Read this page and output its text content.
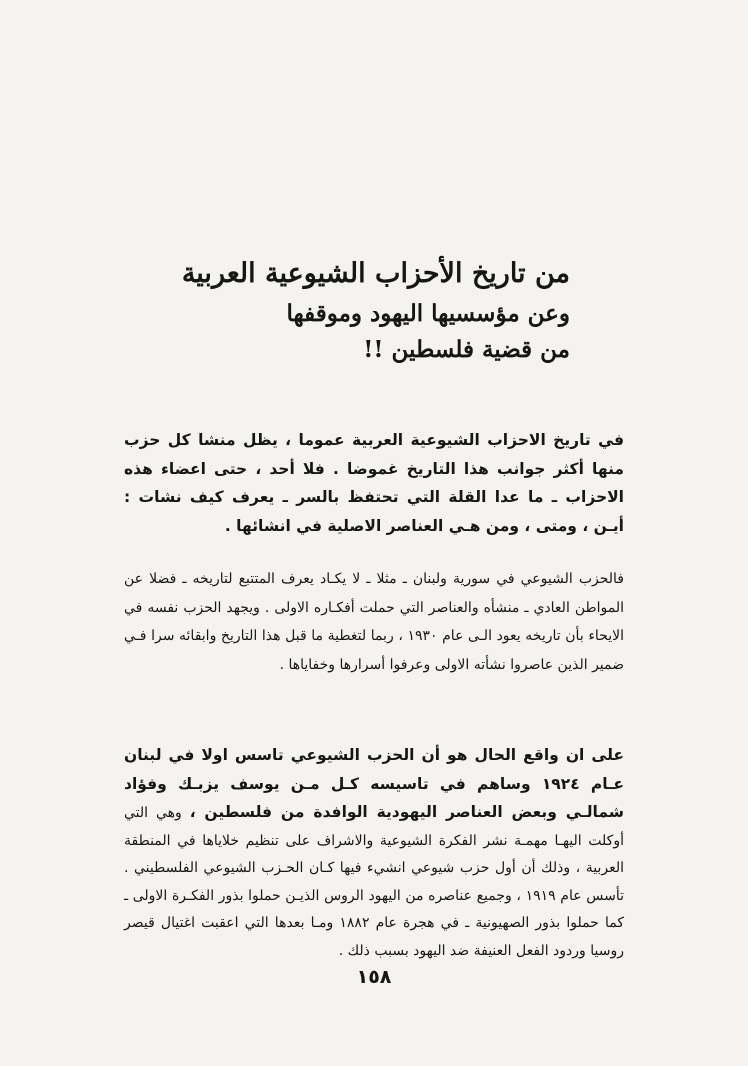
من تاريخ الأحزاب الشيوعية العربية
وعن مؤسسيها اليهود وموقفها
من قضية فلسطين !!
في تاريخ الاحزاب الشيوعية العربية عموما ، يظل منشا كل حزب منها أكثر جوانب هذا التاريخ غموضا . فلا أحد ، حتى اعضاء هذه الاحزاب ـ ما عدا القلة التي تحتفظ بالسر ـ يعرف كيف نشات : أيـن ، ومتى ، ومن هـي العناصر الاصلية في انشائها .
فالحزب الشيوعي في سورية ولبنان ـ مثلا ـ لا يكـاد يعرف المتتبع لتاريخه ـ فضلا عن المواطن العادي ـ منشأه والعناصر التي حملت أفكـاره الاولى . ويجهد الحزب نفسه في الايحاء بأن تاريخه يعود الـى عام ١٩٣٠ ، ربما لتغطية ما قبل هذا التاريخ وابقائه سرا فـي ضمير الذين عاصروا نشأته الاولى وعرفوا أسرارها وخفاياها .
على ان واقع الحال هو أن الحزب الشيوعي تاسس اولا في لبنان عـام ١٩٢٤ وساهم في تاسيسه كـل مـن يوسف يزبـك وفؤاد شمالـي وبعض العناصر اليهودية الوافدة من فلسطين ، وهي التي أوكلت اليهـا مهمـة نشر الفكرة الشيوعية والاشراف على تنظيم خلاياها في المنطقة العربية ، وذلك أن أول حزب شيوعي انشيء فيها كـان الحـزب الشيوعي الفلسطيني . تأسس عام ١٩١٩ ، وجميع عناصره من اليهود الروس الذيـن حملوا بذور الفكـرة الاولى ـ كما حملوا بذور الصهيونية ـ في هجرة عام ١٨٨٢ ومـا بعدها التي اعقبت اغتيال قيصر روسيا وردود الفعل العنيفة ضد اليهود بسبب ذلك .
١٥٨
